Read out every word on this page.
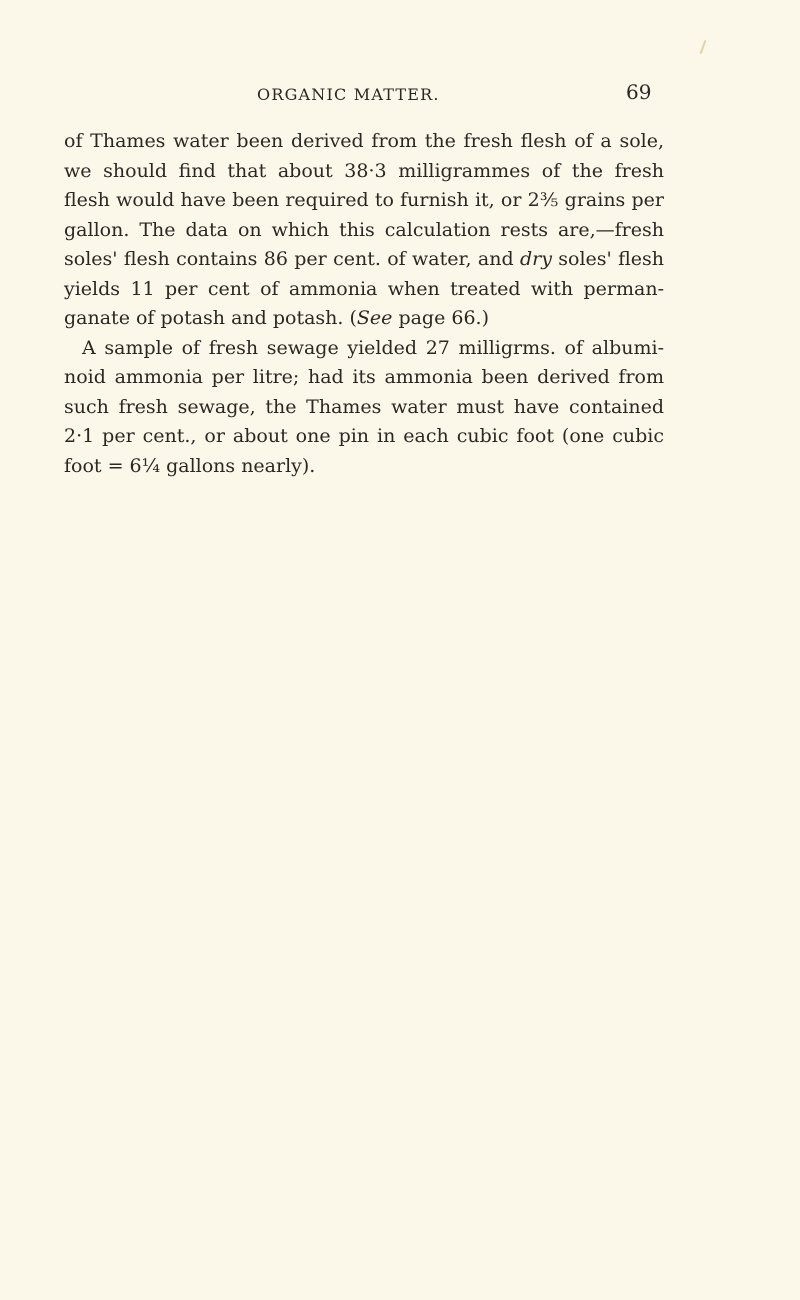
ORGANIC MATTER.	69
of Thames water been derived from the fresh flesh of a sole,
we should find that about 38·3 milligrammes of the fresh
flesh would have been required to furnish it, or 2⅗ grains per
gallon. The data on which this calculation rests are,—fresh
soles' flesh contains 86 per cent. of water, and dry soles' flesh
yields 11 per cent of ammonia when treated with perman-
ganate of potash and potash. (See page 66.)
A sample of fresh sewage yielded 27 milligrms. of albumi-
noid ammonia per litre; had its ammonia been derived from
such fresh sewage, the Thames water must have contained
2·1 per cent., or about one pin in each cubic foot (one cubic
foot = 6¼ gallons nearly).
